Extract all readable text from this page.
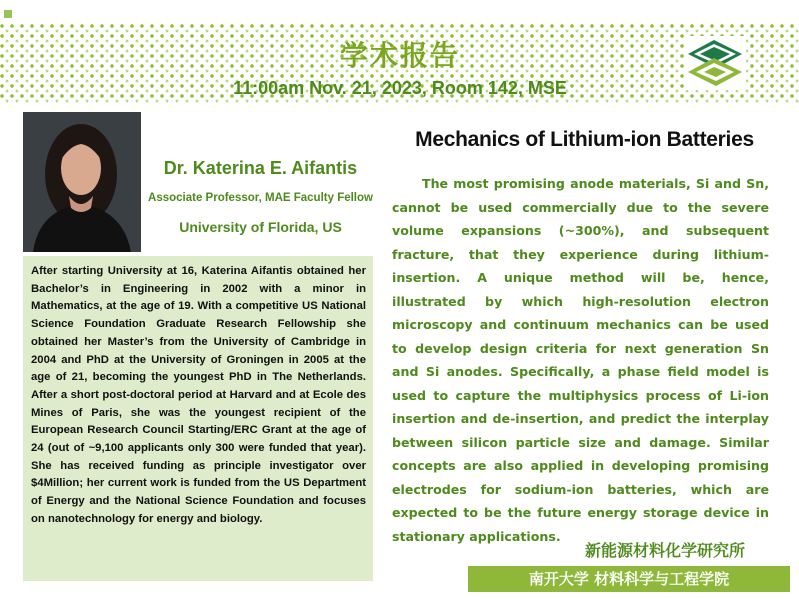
学术报告
11:00am Nov. 21, 2023, Room 142, MSE
Dr. Katerina E. Aifantis
Associate Professor, MAE Faculty Fellow
University of Florida, US

After starting University at 16, Katerina Aifantis obtained her Bachelor’s in Engineering in 2002 with a minor in Mathematics, at the age of 19. With a competitive US National Science Foundation Graduate Research Fellowship she obtained her Master’s from the University of Cambridge in 2004 and PhD at the University of Groningen in 2005 at the age of 21, becoming the youngest PhD in The Netherlands. After a short post-doctoral period at Harvard and at Ecole des Mines of Paris, she was the youngest recipient of the European Research Council Starting/ERC Grant at the age of 24 (out of ~9,100 applicants only 300 were funded that year). She has received funding as principle investigator over $4Million; her current work is funded from the US Department of Energy and the National Science Foundation and focuses on nanotechnology for energy and biology.

Mechanics of Lithium-ion Batteries

The most promising anode materials, Si and Sn, cannot be used commercially due to the severe volume expansions (~300%), and subsequent fracture, that they experience during lithium-insertion. A unique method will be, hence, illustrated by which high-resolution electron microscopy and continuum mechanics can be used to develop design criteria for next generation Sn and Si anodes. Specifically, a phase field model is used to capture the multiphysics process of Li-ion insertion and de-insertion, and predict the interplay between silicon particle size and damage. Similar concepts are also applied in developing promising electrodes for sodium-ion batteries, which are expected to be the future energy storage device in stationary applications.

新能源材料化学研究所
南开大学 材料科学与工程学院
